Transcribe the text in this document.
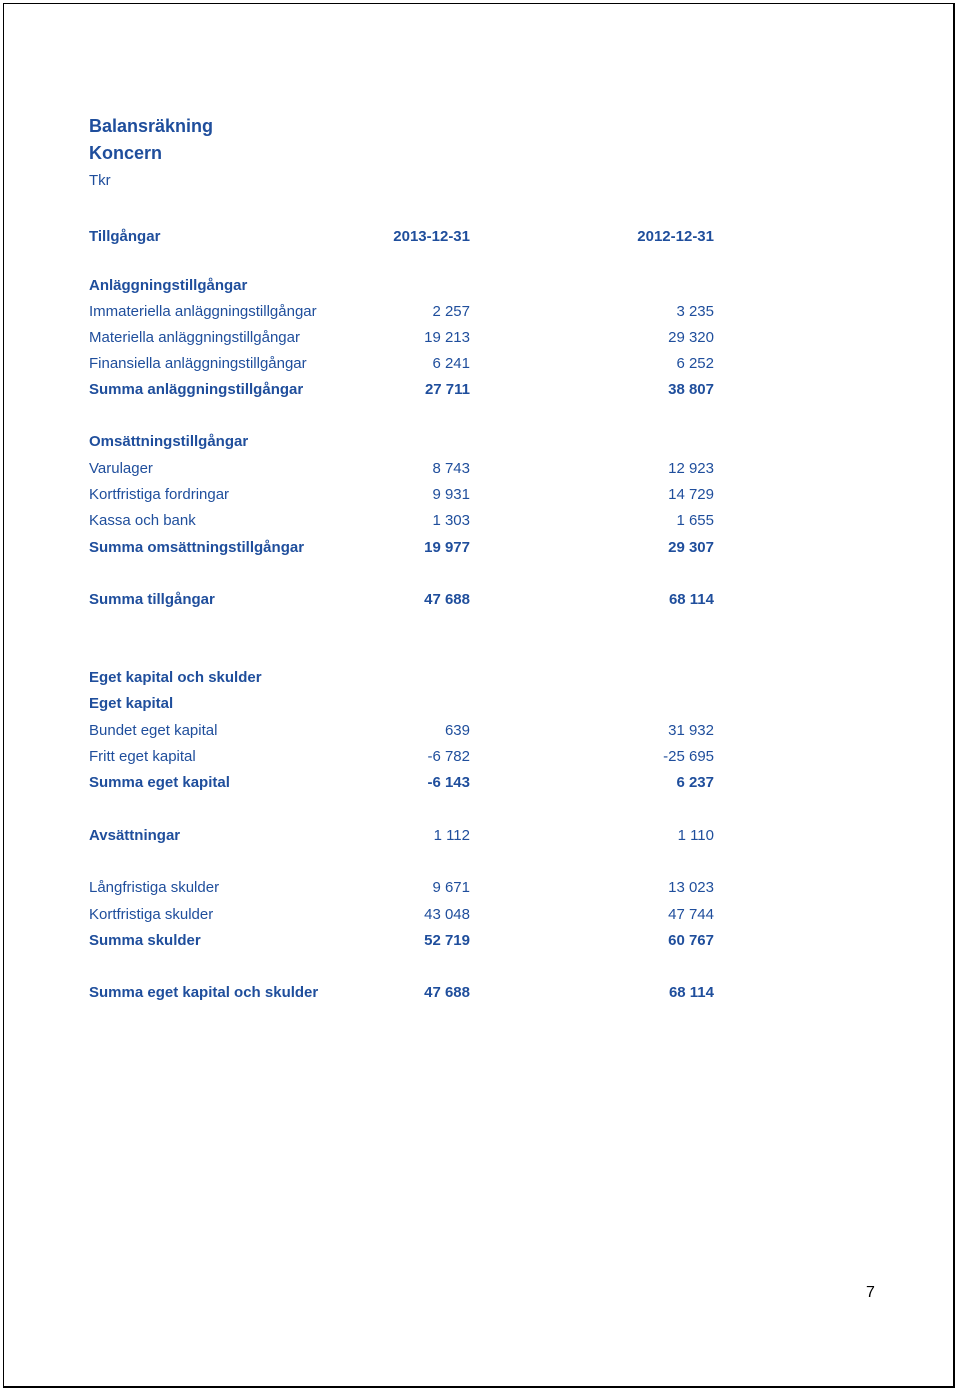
Balansräkning
Koncern
Tkr
Tillgångar	2013-12-31	2012-12-31
Anläggningstillgångar
Immateriella anläggningstillgångar	2 257	3 235
Materiella anläggningstillgångar	19 213	29 320
Finansiella anläggningstillgångar	6 241	6 252
Summa anläggningstillgångar	27 711	38 807
Omsättningstillgångar
Varulager	8 743	12 923
Kortfristiga fordringar	9 931	14 729
Kassa och bank	1 303	1 655
Summa omsättningstillgångar	19 977	29 307
Summa tillgångar	47 688	68 114
Eget kapital och skulder
Eget kapital
Bundet eget kapital	639	31 932
Fritt eget kapital	-6 782	-25 695
Summa eget kapital	-6 143	6 237
Avsättningar	1 112	1 110
Långfristiga skulder	9 671	13 023
Kortfristiga skulder	43 048	47 744
Summa skulder	52 719	60 767
Summa eget kapital och skulder	47 688	68 114
7
